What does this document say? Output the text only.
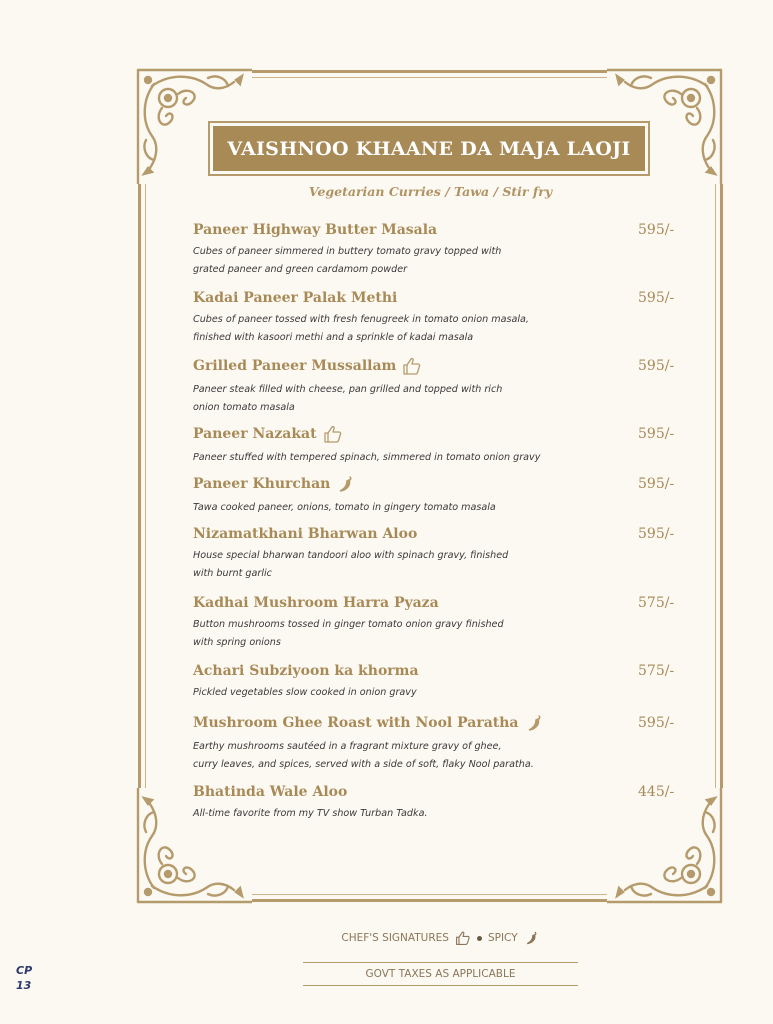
VAISHNOO KHAANE DA MAJA LAOJI
Vegetarian Curries / Tawa / Stir fry
Paneer Highway Butter Masala	595/-
Cubes of paneer simmered in buttery tomato gravy topped with
grated paneer and green cardamom powder
Kadai Paneer Palak Methi	595/-
Cubes of paneer tossed with fresh fenugreek in tomato onion masala,
finished with kasoori methi and a sprinkle of kadai masala
Grilled Paneer Mussallam	595/-
Paneer steak filled with cheese, pan grilled and topped with rich
onion tomato masala
Paneer Nazakat	595/-
Paneer stuffed with tempered spinach, simmered in tomato onion gravy
Paneer Khurchan	595/-
Tawa cooked paneer, onions, tomato in gingery tomato masala
Nizamatkhani Bharwan Aloo	595/-
House special bharwan tandoori aloo with spinach gravy, finished
with burnt garlic
Kadhai Mushroom Harra Pyaza	575/-
Button mushrooms tossed in ginger tomato onion gravy finished
with spring onions
Achari Subziyoon ka khorma	575/-
Pickled vegetables slow cooked in onion gravy
Mushroom Ghee Roast with Nool Paratha	595/-
Earthy mushrooms sautéed in a fragrant mixture gravy of ghee,
curry leaves, and spices, served with a side of soft, flaky Nool paratha.
Bhatinda Wale Aloo	445/-
All-time favorite from my TV show Turban Tadka.
CHEF'S SIGNATURES	SPICY
GOVT TAXES AS APPLICABLE
CP
13
